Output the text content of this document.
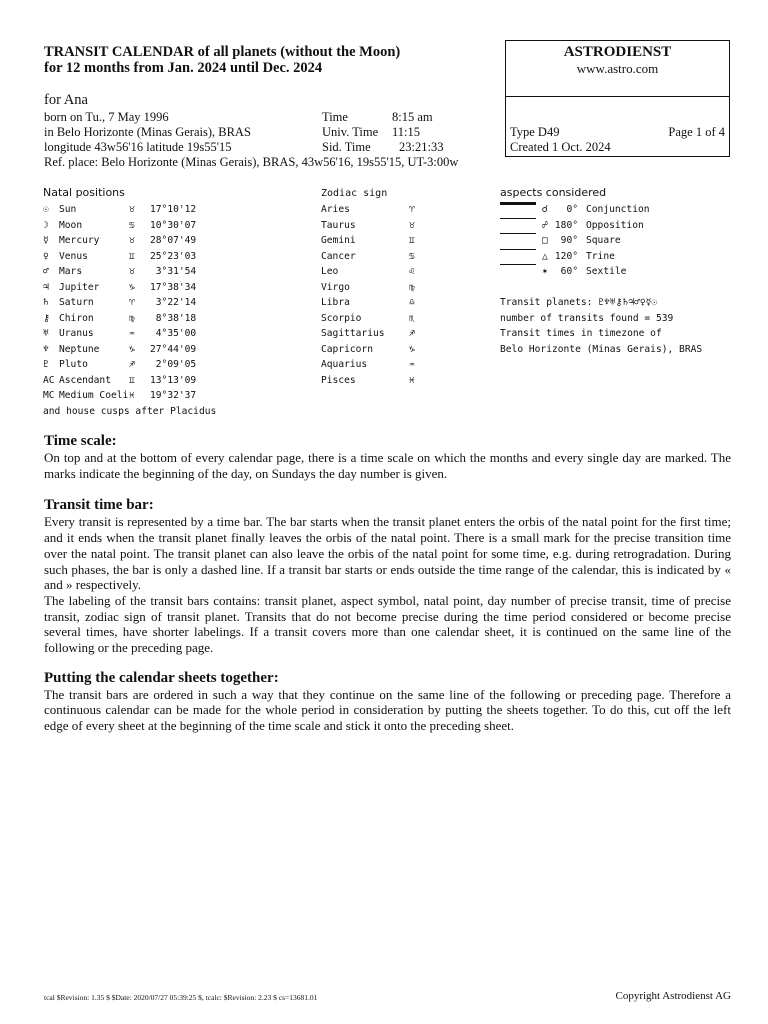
TRANSIT CALENDAR of all planets (without the Moon)
for 12 months from Jan. 2024 until Dec. 2024
ASTRODIENST
www.astro.com
Type D49	Page 1 of 4
Created 1 Oct. 2024
for Ana
born on Tu., 7 May 1996
in Belo Horizonte (Minas Gerais), BRAS
longitude 43w56'16 latitude 19s55'15
Time	8:15 am
Univ. Time 11:15
Sid. Time 23:21:33
Ref. place: Belo Horizonte (Minas Gerais), BRAS, 43w56'16, 19s55'15, UT-3:00w
Natal positions
☉ Sun	♉ 17°10'12
☽ Moon	♋ 10°30'07
☿ Mercury	♉ 28°07'49
♀ Venus	♊ 25°23'03
♂ Mars	♉ 3°31'54
♃ Jupiter	♑ 17°38'34
♄ Saturn	♈ 3°22'14
⚷ Chiron	♍ 8°38'18
♅ Uranus	♒ 4°35'00
♆ Neptune	♑ 27°44'09
♇ Pluto	♐ 2°09'05
AC Ascendant ♊ 13°13'09
MC Medium Coeli ♓ 19°32'37
and house cusps after Placidus
Zodiac sign
Aries	♈
Taurus	♉
Gemini	♊
Cancer	♋
Leo	♌
Virgo	♍
Libra	♎
Scorpio	♏
Sagittarius	♐
Capricorn	♑
Aquarius	♒
Pisces	♓
aspects considered
☌	0° Conjunction
☍ 180° Opposition
□	90° Square
△ 120° Trine
✶	60° Sextile
Transit planets: ♇♆♅⚷♄♃♂♀☿☉
number of transits found = 539
Transit times in timezone of
Belo Horizonte (Minas Gerais), BRAS
Time scale:

On top and at the bottom of every calendar page, there is a time scale on which the months and every single day are marked. The marks indicate the beginning of the day, on Sundays the day number is given.

Transit time bar:

Every transit is represented by a time bar. The bar starts when the transit planet enters the orbis of the natal point for the first time; and it ends when the transit planet finally leaves the orbis of the natal point. There is a small mark for the precise transition time over the natal point. The transit planet can also leave the orbis of the natal point for some time, e.g. during retrogradation. During such phases, the bar is only a dashed line. If a transit bar starts or ends outside the time range of the calendar, this is indicated by « and » respectively.

The labeling of the transit bars contains: transit planet, aspect symbol, natal point, day number of precise transit, time of precise transit, zodiac sign of transit planet. Transits that do not become precise during the time period considered or become precise several times, have shorter labelings. If a transit covers more than one calendar sheet, it is continued on the same line of the following or the preceding page.

Putting the calendar sheets together:

The transit bars are ordered in such a way that they continue on the same line of the following or preceding page. Therefore a continuous calendar can be made for the whole period in consideration by putting the sheets together. To do this, cut off the left edge of every sheet at the beginning of the time scale and stick it onto the preceding sheet.

tcal $Revision: 1.35 $ $Date: 2020/07/27 05:39:25 $, tcalc: $Revision: 2.23 $ cs=13681.01	Copyright Astrodienst AG
